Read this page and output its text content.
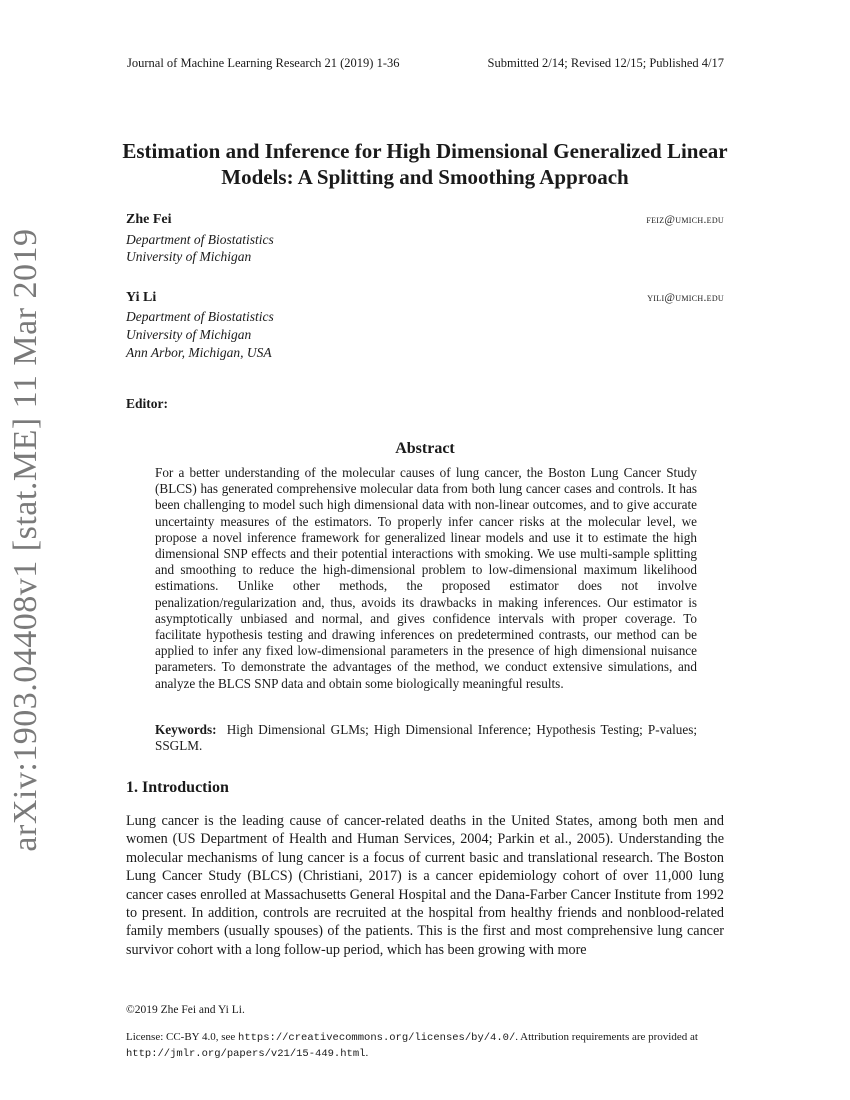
arXiv:1903.04408v1 [stat.ME] 11 Mar 2019
Journal of Machine Learning Research 21 (2019) 1-36	Submitted 2/14; Revised 12/15; Published 4/17
Estimation and Inference for High Dimensional Generalized Linear Models: A Splitting and Smoothing Approach
Zhe Fei	feiz@umich.edu
Department of Biostatistics
University of Michigan
Yi Li	yili@umich.edu
Department of Biostatistics
University of Michigan
Ann Arbor, Michigan, USA
Editor:
Abstract
For a better understanding of the molecular causes of lung cancer, the Boston Lung Cancer Study (BLCS) has generated comprehensive molecular data from both lung cancer cases and controls. It has been challenging to model such high dimensional data with non-linear outcomes, and to give accurate uncertainty measures of the estimators. To properly infer cancer risks at the molecular level, we propose a novel inference framework for generalized linear models and use it to estimate the high dimensional SNP effects and their potential interactions with smoking. We use multi-sample splitting and smoothing to reduce the high-dimensional problem to low-dimensional maximum likelihood estimations. Unlike other methods, the proposed estimator does not involve penalization/regularization and, thus, avoids its drawbacks in making inferences. Our estimator is asymptotically unbiased and normal, and gives confidence intervals with proper coverage. To facilitate hypothesis testing and drawing inferences on predetermined contrasts, our method can be applied to infer any fixed low-dimensional parameters in the presence of high dimensional nuisance parameters. To demonstrate the advantages of the method, we conduct extensive simulations, and analyze the BLCS SNP data and obtain some biologically meaningful results.
Keywords: High Dimensional GLMs; High Dimensional Inference; Hypothesis Testing; P-values; SSGLM.
1. Introduction
Lung cancer is the leading cause of cancer-related deaths in the United States, among both men and women (US Department of Health and Human Services, 2004; Parkin et al., 2005). Understanding the molecular mechanisms of lung cancer is a focus of current basic and translational research. The Boston Lung Cancer Study (BLCS) (Christiani, 2017) is a cancer epidemiology cohort of over 11,000 lung cancer cases enrolled at Massachusetts General Hospital and the Dana-Farber Cancer Institute from 1992 to present. In addition, controls are recruited at the hospital from healthy friends and nonblood-related family members (usually spouses) of the patients. This is the first and most comprehensive lung cancer survivor cohort with a long follow-up period, which has been growing with more
©2019 Zhe Fei and Yi Li.
License: CC-BY 4.0, see https://creativecommons.org/licenses/by/4.0/. Attribution requirements are provided at http://jmlr.org/papers/v21/15-449.html.
